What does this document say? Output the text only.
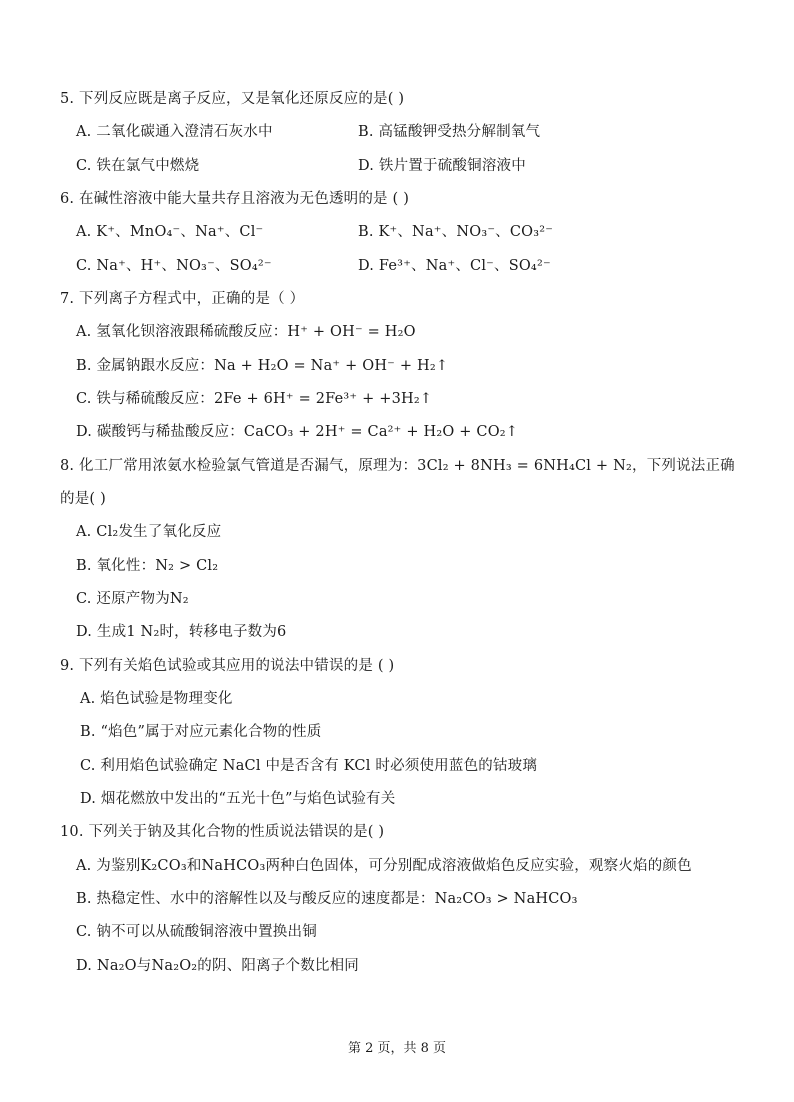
5. 下列反应既是离子反应，又是氧化还原反应的是( )
A. 二氧化碳通入澄清石灰水中	B. 高锰酸钾受热分解制氧气
C. 铁在氯气中燃烧	D. 铁片置于硫酸铜溶液中
6. 在碱性溶液中能大量共存且溶液为无色透明的是 ( )
A. K⁺、MnO₄⁻、Na⁺、Cl⁻	B. K⁺、Na⁺、NO₃⁻、CO₃²⁻
C. Na⁺、H⁺、NO₃⁻、SO₄²⁻	D. Fe³⁺、Na⁺、Cl⁻、SO₄²⁻
7. 下列离子方程式中，正确的是（ ）
A. 氢氧化钡溶液跟稀硫酸反应：H⁺ + OH⁻ = H₂O
B. 金属钠跟水反应：Na + H₂O = Na⁺ + OH⁻ + H₂↑
C. 铁与稀硫酸反应：2Fe + 6H⁺ = 2Fe³⁺ + +3H₂↑
D. 碳酸钙与稀盐酸反应：CaCO₃ + 2H⁺ = Ca²⁺ + H₂O + CO₂↑
8. 化工厂常用浓氨水检验氯气管道是否漏气，原理为：3Cl₂ + 8NH₃ = 6NH₄Cl + N₂，下列说法正确
的是( )
A. Cl₂发生了氧化反应
B. 氧化性：N₂ > Cl₂
C. 还原产物为N₂
D. 生成1 N₂时，转移电子数为6
9. 下列有关焰色试验或其应用的说法中错误的是 ( )
A. 焰色试验是物理变化
B. “焰色”属于对应元素化合物的性质
C. 利用焰色试验确定 NaCl 中是否含有 KCl 时必须使用蓝色的钴玻璃
D. 烟花燃放中发出的“五光十色”与焰色试验有关
10. 下列关于钠及其化合物的性质说法错误的是( )
A. 为鉴别K₂CO₃和NaHCO₃两种白色固体，可分别配成溶液做焰色反应实验，观察火焰的颜色
B. 热稳定性、水中的溶解性以及与酸反应的速度都是：Na₂CO₃ > NaHCO₃
C. 钠不可以从硫酸铜溶液中置换出铜
D. Na₂O与Na₂O₂的阴、阳离子个数比相同
第 2 页，共 8 页
